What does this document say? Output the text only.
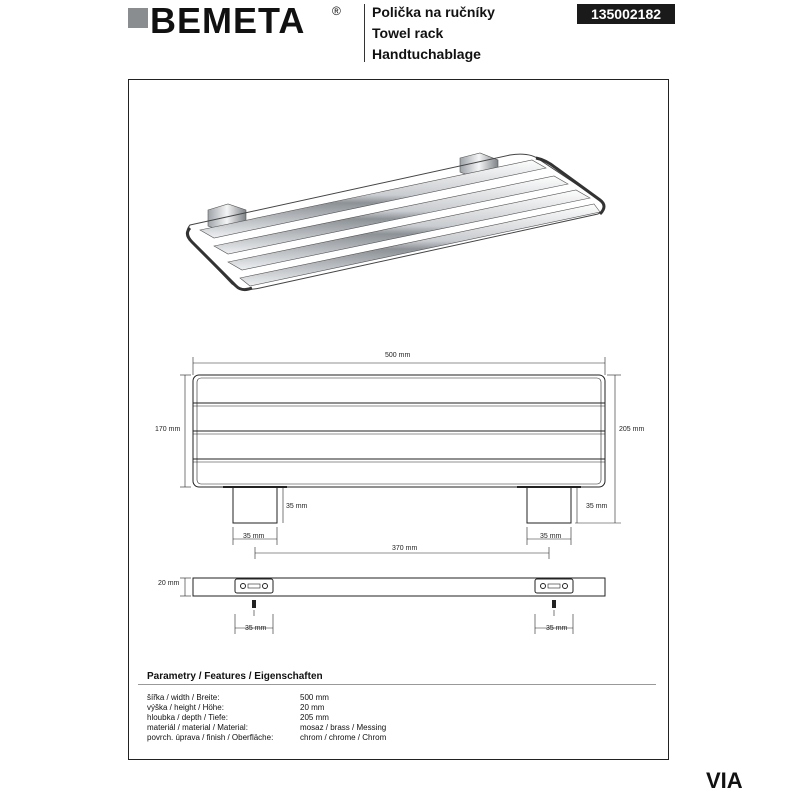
BEMETA ® Polička na ručníky
Towel rack
Handtuchablage
135002182
500 mm
170 mm	205 mm
35 mm	35 mm
35 mm	35 mm
370 mm
20 mm
35 mm	35 mm
Parametry / Features / Eigenschaften
šířka / width / Breite:	500 mm
výška / height / Höhe:	20 mm
hloubka / depth / Tiefe:	205 mm
materiál / material / Material:	mosaz / brass / Messing
povrch. úprava / finish / Oberfläche:	chrom / chrome / Chrom
VIA
